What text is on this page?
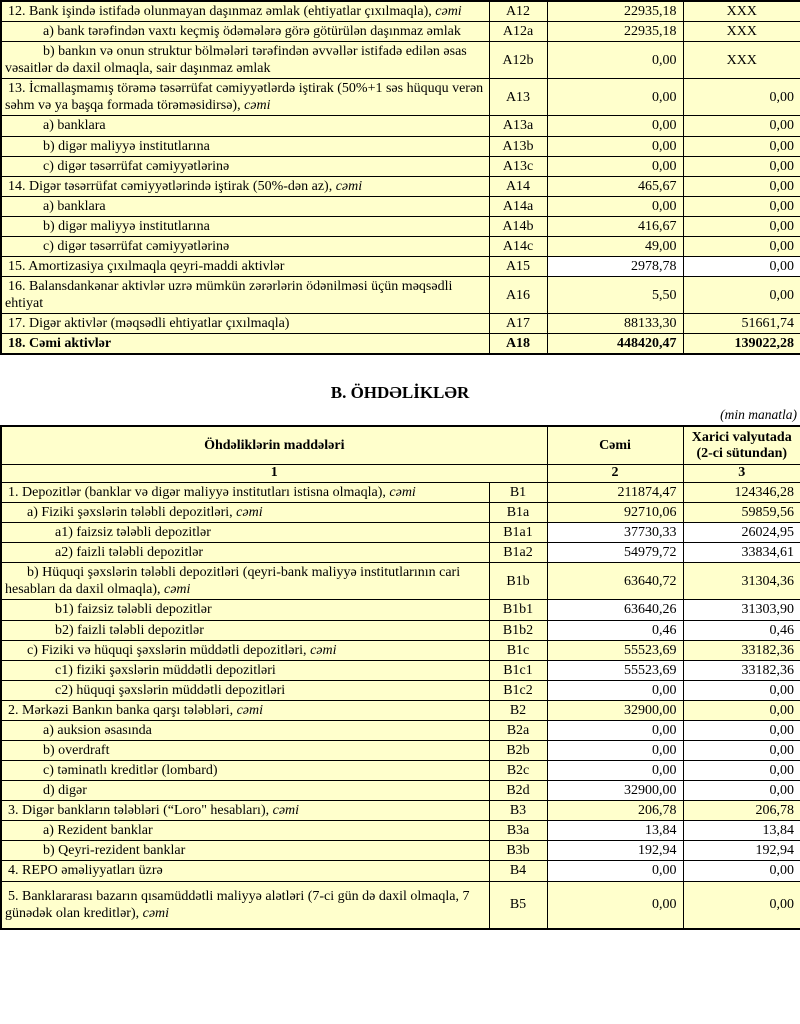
12. Bank işində istifadə olunmayan daşınmaz əmlak (ehtiyatlar çıxılmaqla), cəmi	A12	22935,18	XXX
a) bank tərəfindən vaxtı keçmiş ödəmələrə görə götürülən daşınmaz əmlak	A12a	22935,18	XXX
b) bankın və onun struktur bölmələri tərəfindən əvvəllər istifadə edilən əsas vəsaitlər də daxil olmaqla, sair daşınmaz əmlak	A12b	0,00	XXX
13. İcmallaşmamış törəmə təsərrüfat cəmiyyətlərdə iştirak (50%+1 səs hüququ verən səhm və ya başqa formada törəməsidirsə), cəmi	A13	0,00	0,00
a) banklara	A13a	0,00	0,00
b) digər maliyyə institutlarına	A13b	0,00	0,00
c) digər təsərrüfat cəmiyyətlərinə	A13c	0,00	0,00
14. Digər təsərrüfat cəmiyyətlərində iştirak (50%-dən az), cəmi	A14	465,67	0,00
a) banklara	A14a	0,00	0,00
b) digər maliyyə institutlarına	A14b	416,67	0,00
c) digər təsərrüfat cəmiyyətlərinə	A14c	49,00	0,00
15. Amortizasiya çıxılmaqla qeyri-maddi aktivlər	A15	2978,78	0,00
16. Balansdankənar aktivlər uzrə mümkün zərərlərin ödənilməsi üçün məqsədli ehtiyat	A16	5,50	0,00
17. Digər aktivlər (məqsədli ehtiyatlar çıxılmaqla)	A17	88133,30	51661,74
18. Cəmi aktivlər	A18	448420,47	139022,28
B. ÖHDƏLİKLƏR
(min manatla)
Öhdəliklərin maddələri		Cəmi	Xarici valyutada (2-ci sütundan)
1		2	3
1. Depozitlər (banklar və digər maliyyə institutları istisna olmaqla), cəmi	B1	211874,47	124346,28
a) Fiziki şəxslərin tələbli depozitləri, cəmi	B1a	92710,06	59859,56
a1) faizsiz tələbli depozitlər	B1a1	37730,33	26024,95
a2) faizli tələbli depozitlər	B1a2	54979,72	33834,61
b) Hüquqi şəxslərin tələbli depozitləri (qeyri-bank maliyyə institutlarının cari hesabları da daxil olmaqla), cəmi	B1b	63640,72	31304,36
b1) faizsiz tələbli depozitlər	B1b1	63640,26	31303,90
b2) faizli tələbli depozitlər	B1b2	0,46	0,46
c) Fiziki və hüquqi şəxslərin müddətli depozitləri, cəmi	B1c	55523,69	33182,36
c1) fiziki şəxslərin müddətli depozitləri	B1c1	55523,69	33182,36
c2) hüquqi şəxslərin müddətli depozitləri	B1c2	0,00	0,00
2. Mərkəzi Bankın banka qarşı tələbləri, cəmi	B2	32900,00	0,00
a) auksion əsasında	B2a	0,00	0,00
b) overdraft	B2b	0,00	0,00
c) təminatlı kreditlər (lombard)	B2c	0,00	0,00
d) digər	B2d	32900,00	0,00
3. Digər bankların tələbləri (“Loro" hesabları), cəmi	B3	206,78	206,78
a) Rezident banklar	B3a	13,84	13,84
b) Qeyri-rezident banklar	B3b	192,94	192,94
4. REPO əməliyyatları üzrə	B4	0,00	0,00
5. Banklararası bazarın qısamüddətli maliyyə alətləri (7-ci gün də daxil olmaqla, 7 günədək olan kreditlər), cəmi	B5	0,00	0,00
